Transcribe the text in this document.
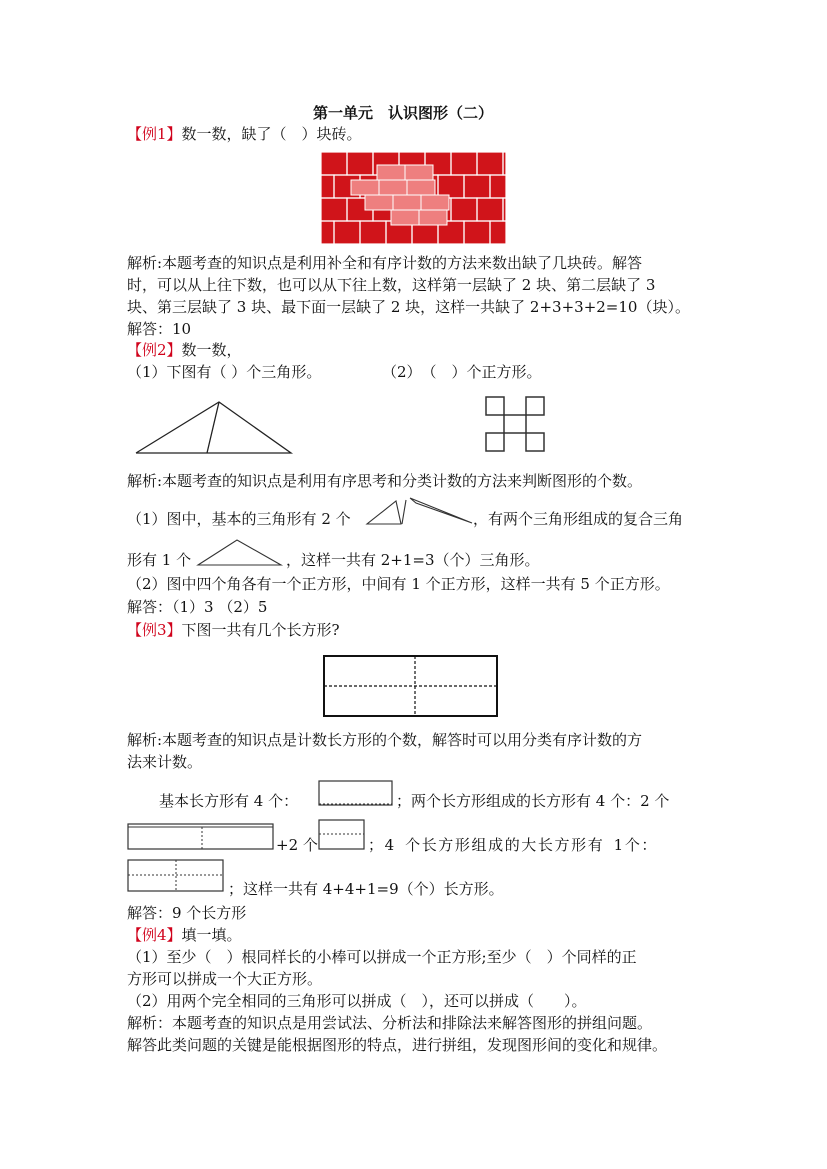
第一单元　认识图形（二）
【例1】数一数，缺了（　）块砖。
解析:本题考查的知识点是利用补全和有序计数的方法来数出缺了几块砖。解答
时，可以从上往下数，也可以从下往上数，这样第一层缺了 2 块、第二层缺了 3
块、第三层缺了 3 块、最下面一层缺了 2 块，这样一共缺了 2+3+3+2=10（块）。
解答：10
【例2】数一数，
（1）下图有（ ）个三角形。	（2）　（　）个正方形。
解析:本题考查的知识点是利用有序思考和分类计数的方法来判断图形的个数。
（1）图中，基本的三角形有 2 个	，有两个三角形组成的复合三角
形有 1 个	，这样一共有 2+1=3（个）三角形。
（2）图中四个角各有一个正方形，中间有 1 个正方形，这样一共有 5 个正方形。
解答：（1）3 （2）5
【例3】下图一共有几个长方形?
解析:本题考查的知识点是计数长方形的个数，解答时可以用分类有序计数的方
法来计数。
基本长方形有 4 个：	；两个长方形组成的长方形有 4 个：2 个
+2 个	；4 个长方形组成的大长方形有 1个：
；这样一共有 4+4+1=9（个）长方形。
解答：9 个长方形
【例4】填一填。
（1）至少（　）根同样长的小棒可以拼成一个正方形;至少（　）个同样的正
方形可以拼成一个大正方形。
（2）用两个完全相同的三角形可以拼成（　），还可以拼成（　　）。
解析：本题考查的知识点是用尝试法、分析法和排除法来解答图形的拼组问题。
解答此类问题的关键是能根据图形的特点，进行拼组，发现图形间的变化和规律。
